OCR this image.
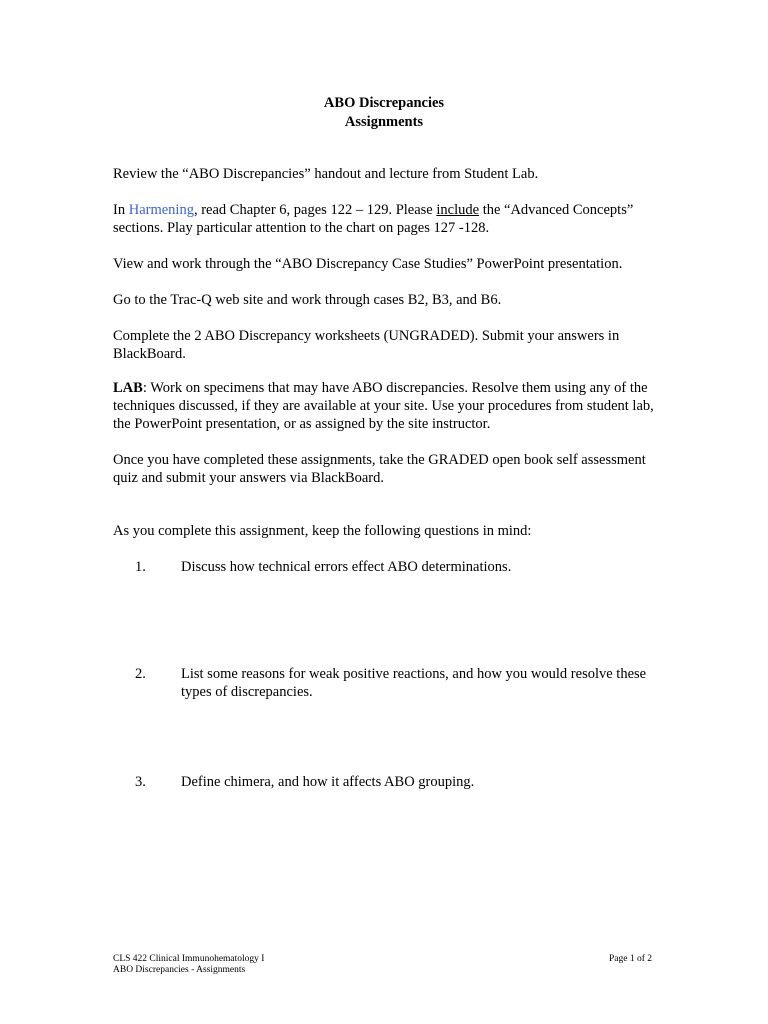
ABO Discrepancies
Assignments

Review the “ABO Discrepancies” handout and lecture from Student Lab.

In Harmening, read Chapter 6, pages 122 – 129. Please include the “Advanced Concepts” sections. Play particular attention to the chart on pages 127 -128.

View and work through the “ABO Discrepancy Case Studies” PowerPoint presentation.

Go to the Trac-Q web site and work through cases B2, B3, and B6.

Complete the 2 ABO Discrepancy worksheets (UNGRADED). Submit your answers in BlackBoard.

LAB: Work on specimens that may have ABO discrepancies. Resolve them using any of the techniques discussed, if they are available at your site. Use your procedures from student lab, the PowerPoint presentation, or as assigned by the site instructor.

Once you have completed these assignments, take the GRADED open book self assessment quiz and submit your answers via BlackBoard.

As you complete this assignment, keep the following questions in mind:

1. Discuss how technical errors effect ABO determinations.
2. List some reasons for weak positive reactions, and how you would resolve these types of discrepancies.
3. Define chimera, and how it affects ABO grouping.
CLS 422 Clinical Immunohematology I
ABO Discrepancies - Assignments
Page 1 of 2
